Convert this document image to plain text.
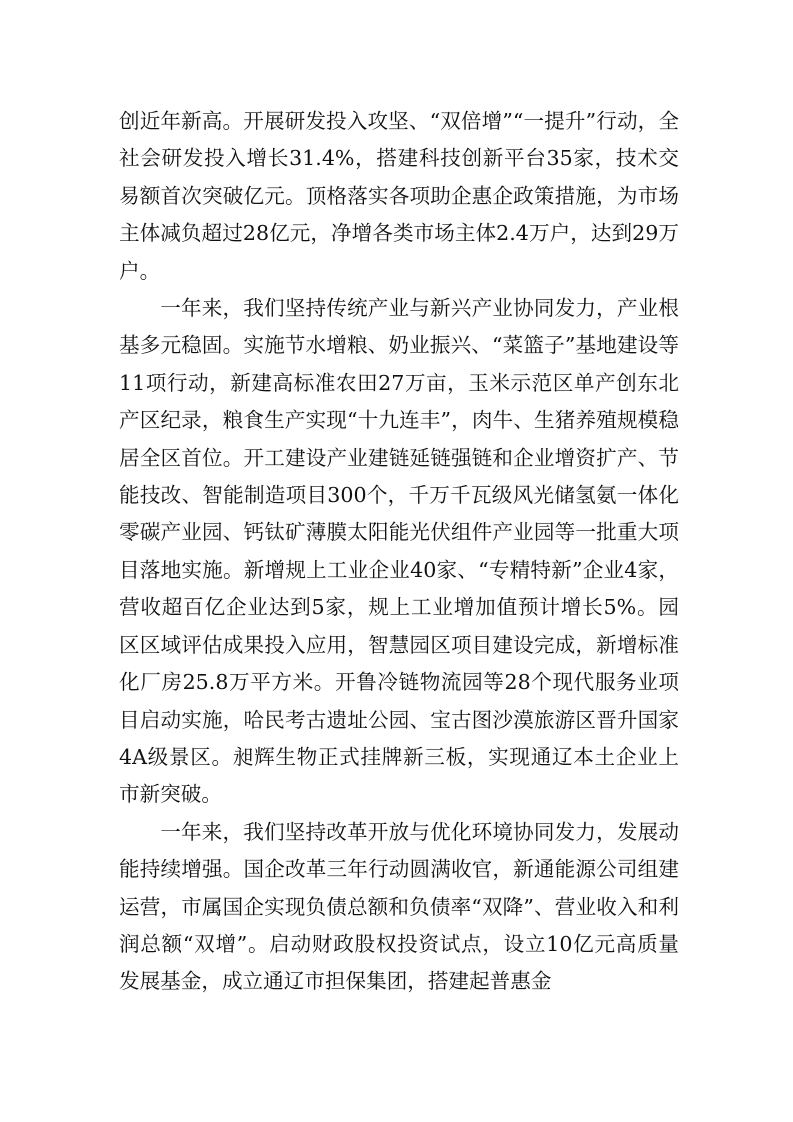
创近年新高。开展研发投入攻坚、“双倍增”“一提升”行动，全社会研发投入增长31.4%，搭建科技创新平台35家，技术交易额首次突破亿元。顶格落实各项助企惠企政策措施，为市场主体减负超过28亿元，净增各类市场主体2.4万户，达到29万户。

一年来，我们坚持传统产业与新兴产业协同发力，产业根基多元稳固。实施节水增粮、奶业振兴、“菜篮子”基地建设等11项行动，新建高标准农田27万亩，玉米示范区单产创东北产区纪录，粮食生产实现“十九连丰”，肉牛、生猪养殖规模稳居全区首位。开工建设产业建链延链强链和企业增资扩产、节能技改、智能制造项目300个，千万千瓦级风光储氢氨一体化零碳产业园、钙钛矿薄膜太阳能光伏组件产业园等一批重大项目落地实施。新增规上工业企业40家、“专精特新”企业4家，营收超百亿企业达到5家，规上工业增加值预计增长5%。园区区域评估成果投入应用，智慧园区项目建设完成，新增标准化厂房25.8万平方米。开鲁冷链物流园等28个现代服务业项目启动实施，哈民考古遗址公园、宝古图沙漠旅游区晋升国家4A级景区。昶辉生物正式挂牌新三板，实现通辽本土企业上市新突破。

一年来，我们坚持改革开放与优化环境协同发力，发展动能持续增强。国企改革三年行动圆满收官，新通能源公司组建运营，市属国企实现负债总额和负债率“双降”、营业收入和利润总额“双增”。启动财政股权投资试点，设立10亿元高质量发展基金，成立通辽市担保集团，搭建起普惠金
